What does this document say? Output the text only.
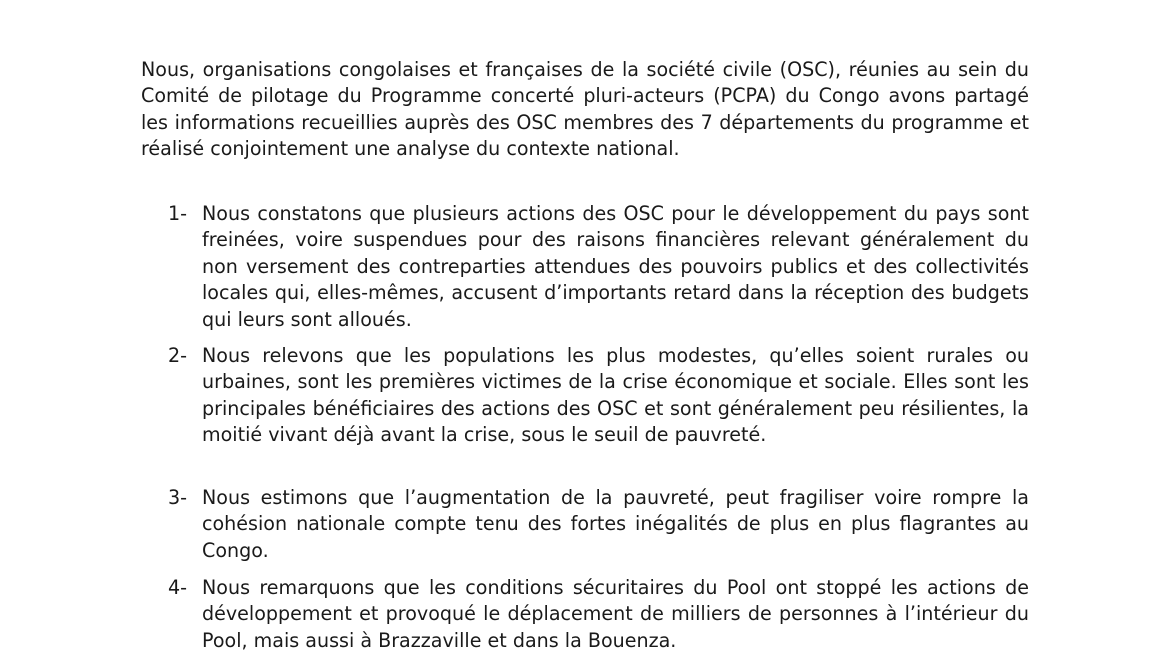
Nous, organisations congolaises et françaises de la société civile (OSC), réunies au sein du Comité de pilotage du Programme concerté pluri-acteurs (PCPA) du Congo avons partagé les informations recueillies auprès des OSC membres des 7 départements du programme et réalisé conjointement une analyse du contexte national.

1- Nous constatons que plusieurs actions des OSC pour le développement du pays sont freinées, voire suspendues pour des raisons financières relevant généralement du non versement des contreparties attendues des pouvoirs publics et des collectivités locales qui, elles-mêmes, accusent d’importants retard dans la réception des budgets qui leurs sont alloués.

2- Nous relevons que les populations les plus modestes, qu’elles soient rurales ou urbaines, sont les premières victimes de la crise économique et sociale. Elles sont les principales bénéficiaires des actions des OSC et sont généralement peu résilientes, la moitié vivant déjà avant la crise, sous le seuil de pauvreté.

3- Nous estimons que l’augmentation de la pauvreté, peut fragiliser voire rompre la cohésion nationale compte tenu des fortes inégalités de plus en plus flagrantes au Congo.

4- Nous remarquons que les conditions sécuritaires du Pool ont stoppé les actions de développement et provoqué le déplacement de milliers de personnes à l’intérieur du Pool, mais aussi à Brazzaville et dans la Bouenza.
